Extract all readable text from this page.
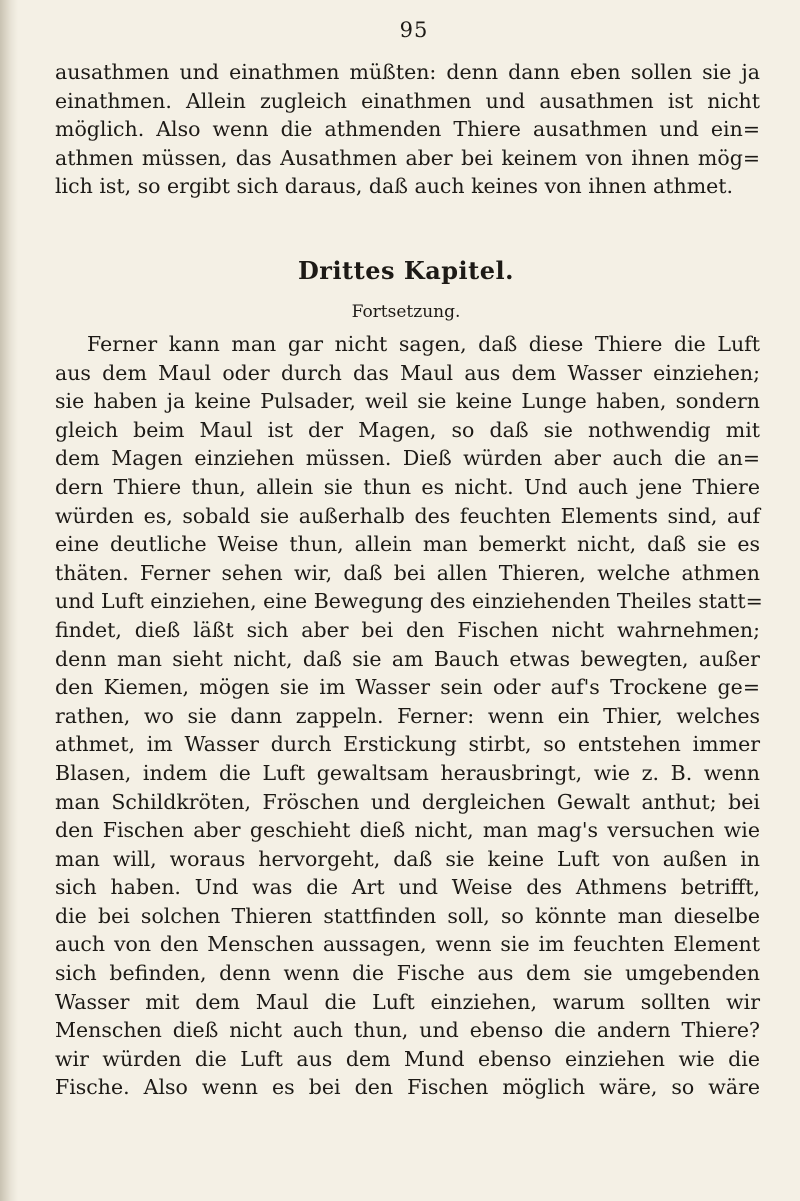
95
ausathmen und einathmen müßten: denn dann eben sollen sie ja
einathmen. Allein zugleich einathmen und ausathmen ist nicht
möglich. Also wenn die athmenden Thiere ausathmen und ein=
athmen müssen, das Ausathmen aber bei keinem von ihnen mög=
lich ist, so ergibt sich daraus, daß auch keines von ihnen athmet.
Drittes Kapitel.
Fortsetzung.
Ferner kann man gar nicht sagen, daß diese Thiere die Luft
aus dem Maul oder durch das Maul aus dem Wasser einziehen;
sie haben ja keine Pulsader, weil sie keine Lunge haben, sondern
gleich beim Maul ist der Magen, so daß sie nothwendig mit
dem Magen einziehen müssen. Dieß würden aber auch die an=
dern Thiere thun, allein sie thun es nicht. Und auch jene Thiere
würden es, sobald sie außerhalb des feuchten Elements sind, auf
eine deutliche Weise thun, allein man bemerkt nicht, daß sie es
thäten. Ferner sehen wir, daß bei allen Thieren, welche athmen
und Luft einziehen, eine Bewegung des einziehenden Theiles statt=
findet, dieß läßt sich aber bei den Fischen nicht wahrnehmen;
denn man sieht nicht, daß sie am Bauch etwas bewegten, außer
den Kiemen, mögen sie im Wasser sein oder auf's Trockene ge=
rathen, wo sie dann zappeln. Ferner: wenn ein Thier, welches
athmet, im Wasser durch Erstickung stirbt, so entstehen immer
Blasen, indem die Luft gewaltsam herausbringt, wie z. B. wenn
man Schildkröten, Fröschen und dergleichen Gewalt anthut; bei
den Fischen aber geschieht dieß nicht, man mag's versuchen wie
man will, woraus hervorgeht, daß sie keine Luft von außen in
sich haben. Und was die Art und Weise des Athmens betrifft,
die bei solchen Thieren stattfinden soll, so könnte man dieselbe
auch von den Menschen aussagen, wenn sie im feuchten Element
sich befinden, denn wenn die Fische aus dem sie umgebenden
Wasser mit dem Maul die Luft einziehen, warum sollten wir
Menschen dieß nicht auch thun, und ebenso die andern Thiere?
wir würden die Luft aus dem Mund ebenso einziehen wie die
Fische. Also wenn es bei den Fischen möglich wäre, so wäre
